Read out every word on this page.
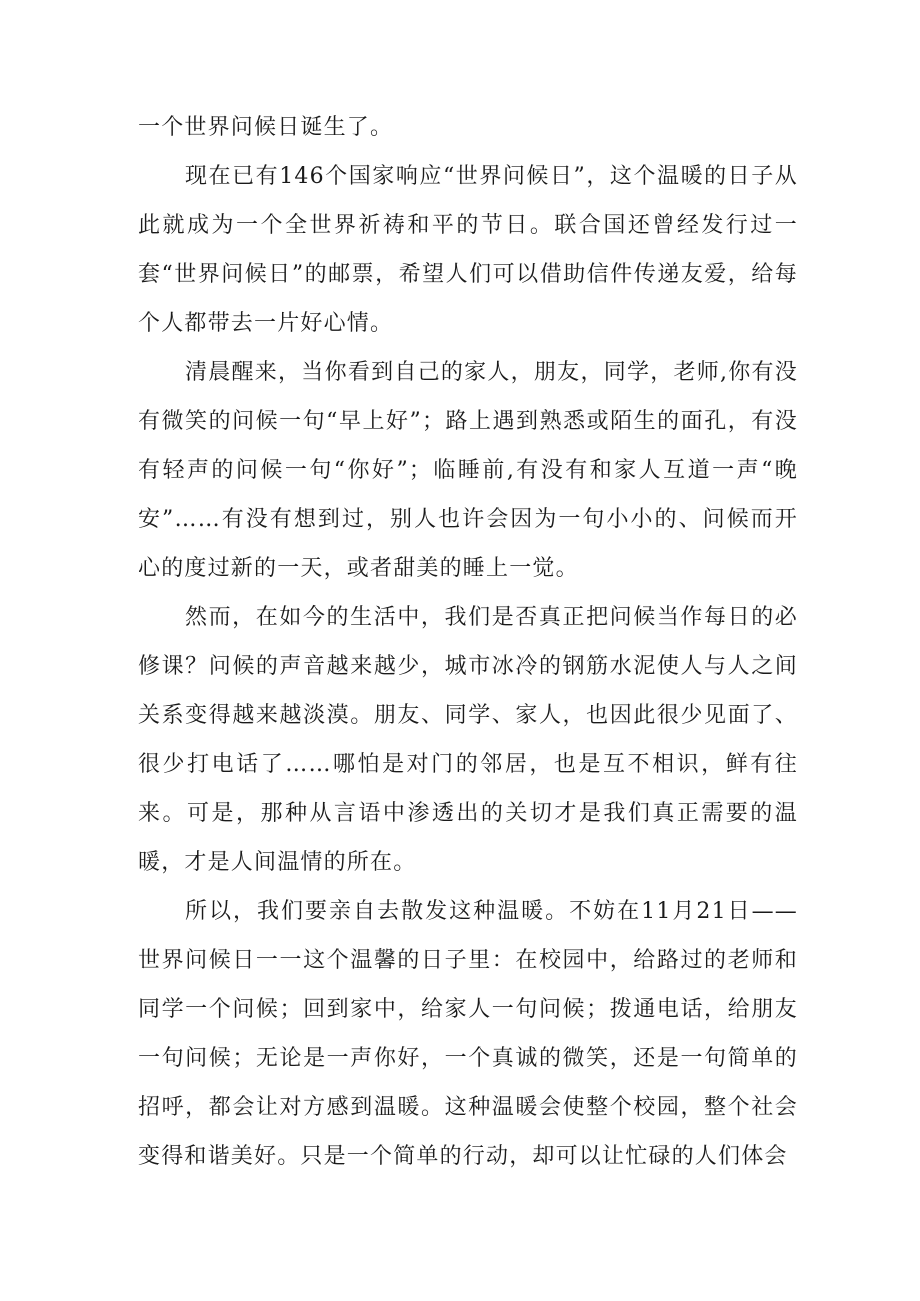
一个世界问候日诞生了。

现在已有146个国家响应“世界问候日”，这个温暖的日子从此就成为一个全世界祈祷和平的节日。联合国还曾经发行过一套“世界问候日”的邮票，希望人们可以借助信件传递友爱，给每个人都带去一片好心情。

清晨醒来，当你看到自己的家人，朋友，同学，老师,你有没有微笑的问候一句“早上好”；路上遇到熟悉或陌生的面孔，有没有轻声的问候一句“你好”；临睡前,有没有和家人互道一声“晚安”……有没有想到过，别人也许会因为一句小小的、问候而开心的度过新的一天，或者甜美的睡上一觉。

然而，在如今的生活中，我们是否真正把问候当作每日的必修课？问候的声音越来越少，城市冰冷的钢筋水泥使人与人之间关系变得越来越淡漠。朋友、同学、家人，也因此很少见面了、很少打电话了……哪怕是对门的邻居，也是互不相识，鲜有往来。可是，那种从言语中渗透出的关切才是我们真正需要的温暖，才是人间温情的所在。

所以，我们要亲自去散发这种温暖。不妨在11月21日——世界问候日一一这个温馨的日子里：在校园中，给路过的老师和同学一个问候；回到家中，给家人一句问候；拨通电话，给朋友一句问候；无论是一声你好，一个真诚的微笑，还是一句简单的招呼，都会让对方感到温暖。这种温暖会使整个校园，整个社会变得和谐美好。只是一个简单的行动，却可以让忙碌的人们体会
